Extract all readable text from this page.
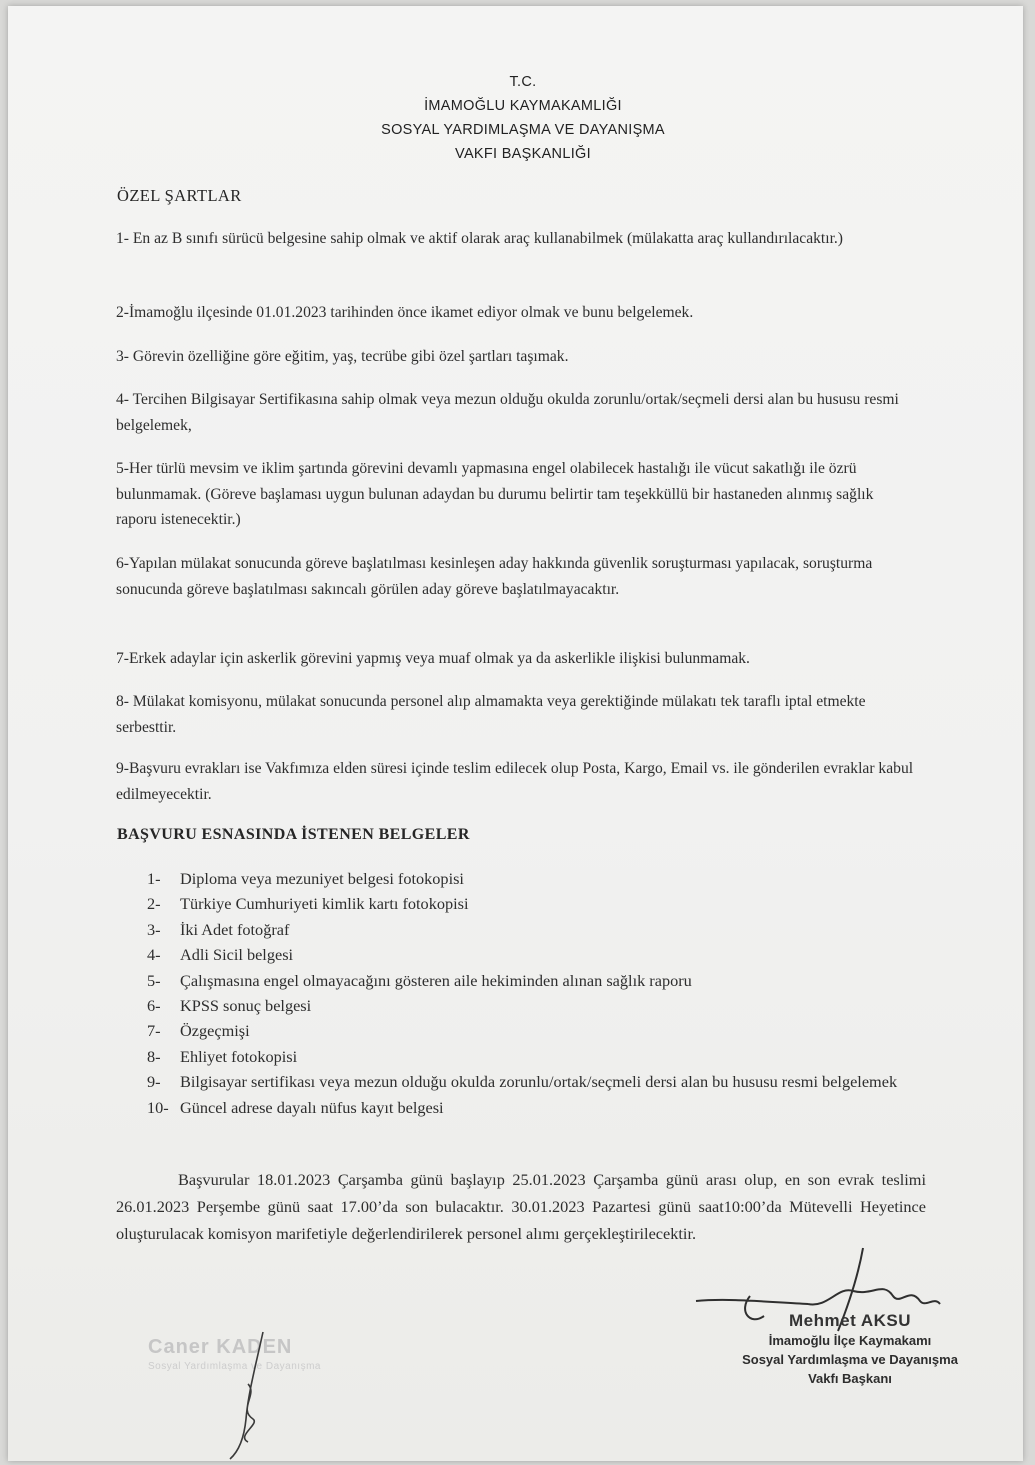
T.C.
İMAMOĞLU KAYMAKAMLIĞI
SOSYAL YARDIMLAŞMA VE DAYANIŞMA
VAKFI BAŞKANLIĞI
ÖZEL ŞARTLAR
1- En az B sınıfı sürücü belgesine sahip olmak ve aktif olarak araç kullanabilmek (mülakatta araç kullandırılacaktır.)
2-İmamoğlu ilçesinde 01.01.2023 tarihinden önce ikamet ediyor olmak ve bunu belgelemek.
3- Görevin özelliğine göre eğitim, yaş, tecrübe gibi özel şartları taşımak.
4- Tercihen Bilgisayar Sertifikasına sahip olmak veya mezun olduğu okulda zorunlu/ortak/seçmeli dersi alan bu hususu resmi belgelemek,
5-Her türlü mevsim ve iklim şartında görevini devamlı yapmasına engel olabilecek hastalığı ile vücut sakatlığı ile özrü bulunmamak. (Göreve başlaması uygun bulunan adaydan bu durumu belirtir tam teşekküllü bir hastaneden alınmış sağlık raporu istenecektir.)
6-Yapılan mülakat sonucunda göreve başlatılması kesinleşen aday hakkında güvenlik soruşturması yapılacak, soruşturma sonucunda göreve başlatılması sakıncalı görülen aday göreve başlatılmayacaktır.
7-Erkek adaylar için askerlik görevini yapmış veya muaf olmak ya da askerlikle ilişkisi bulunmamak.
8- Mülakat komisyonu, mülakat sonucunda personel alıp almamakta veya gerektiğinde mülakatı tek taraflı iptal etmekte serbesttir.
9-Başvuru evrakları ise Vakfımıza elden süresi içinde teslim edilecek olup Posta, Kargo, Email vs. ile gönderilen evraklar kabul edilmeyecektir.
BAŞVURU ESNASINDA İSTENEN BELGELER
1-	Diploma veya mezuniyet belgesi fotokopisi
2-	Türkiye Cumhuriyeti kimlik kartı fotokopisi
3-	İki Adet fotoğraf
4-	Adli Sicil belgesi
5-	Çalışmasına engel olmayacağını gösteren aile hekiminden alınan sağlık raporu
6-	KPSS sonuç belgesi
7-	Özgeçmişi
8-	Ehliyet fotokopisi
9-	Bilgisayar sertifikası veya mezun olduğu okulda zorunlu/ortak/seçmeli dersi alan bu hususu resmi belgelemek
10- Güncel adrese dayalı nüfus kayıt belgesi
Başvurular 18.01.2023 Çarşamba günü başlayıp 25.01.2023 Çarşamba günü arası olup, en son evrak teslimi 26.01.2023 Perşembe günü saat 17.00’da son bulacaktır. 30.01.2023 Pazartesi günü saat10:00’da Mütevelli Heyetince oluşturulacak komisyon marifetiyle değerlendirilerek personel alımı gerçekleştirilecektir.
Caner KADEN
Sosyal Yardımlaşma ve Dayanışma
Mehmet AKSU
İmamoğlu İlçe Kaymakamı
Sosyal Yardımlaşma ve Dayanışma
Vakfı Başkanı
